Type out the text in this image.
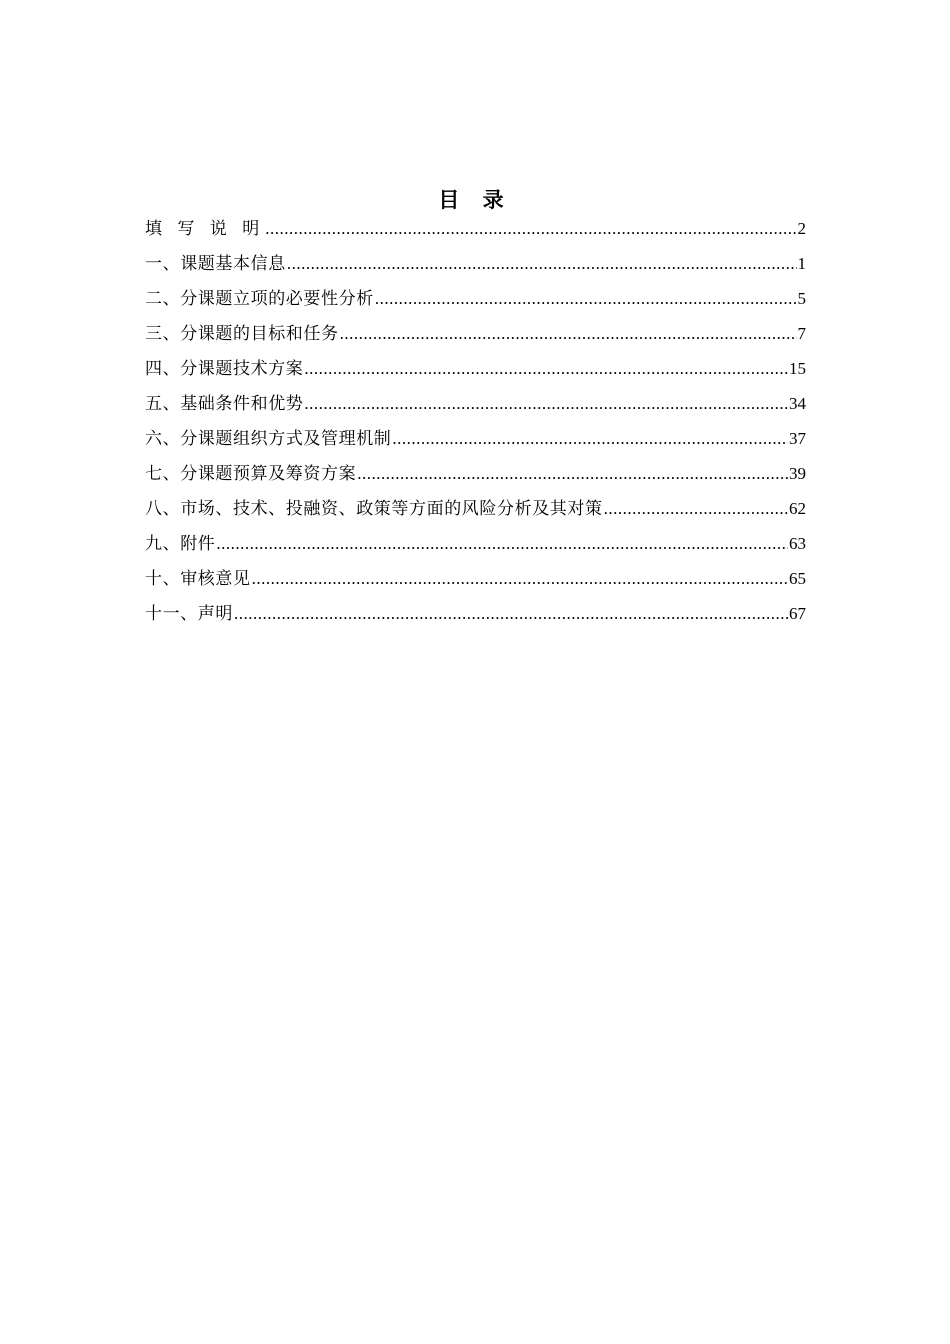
目 录
填 写 说 明 .....	2
一、课题基本信息 .....	1
二、分课题立项的必要性分析 .....	5
三、分课题的目标和任务 .....	7
四、分课题技术方案 .....	15
五、基础条件和优势 .....	34
六、分课题组织方式及管理机制 .....	37
七、分课题预算及筹资方案 .....	39
八、市场、技术、投融资、政策等方面的风险分析及其对策 .....	62
九、附件 .....	63
十、审核意见 .....	65
十一、声明 .....	67
